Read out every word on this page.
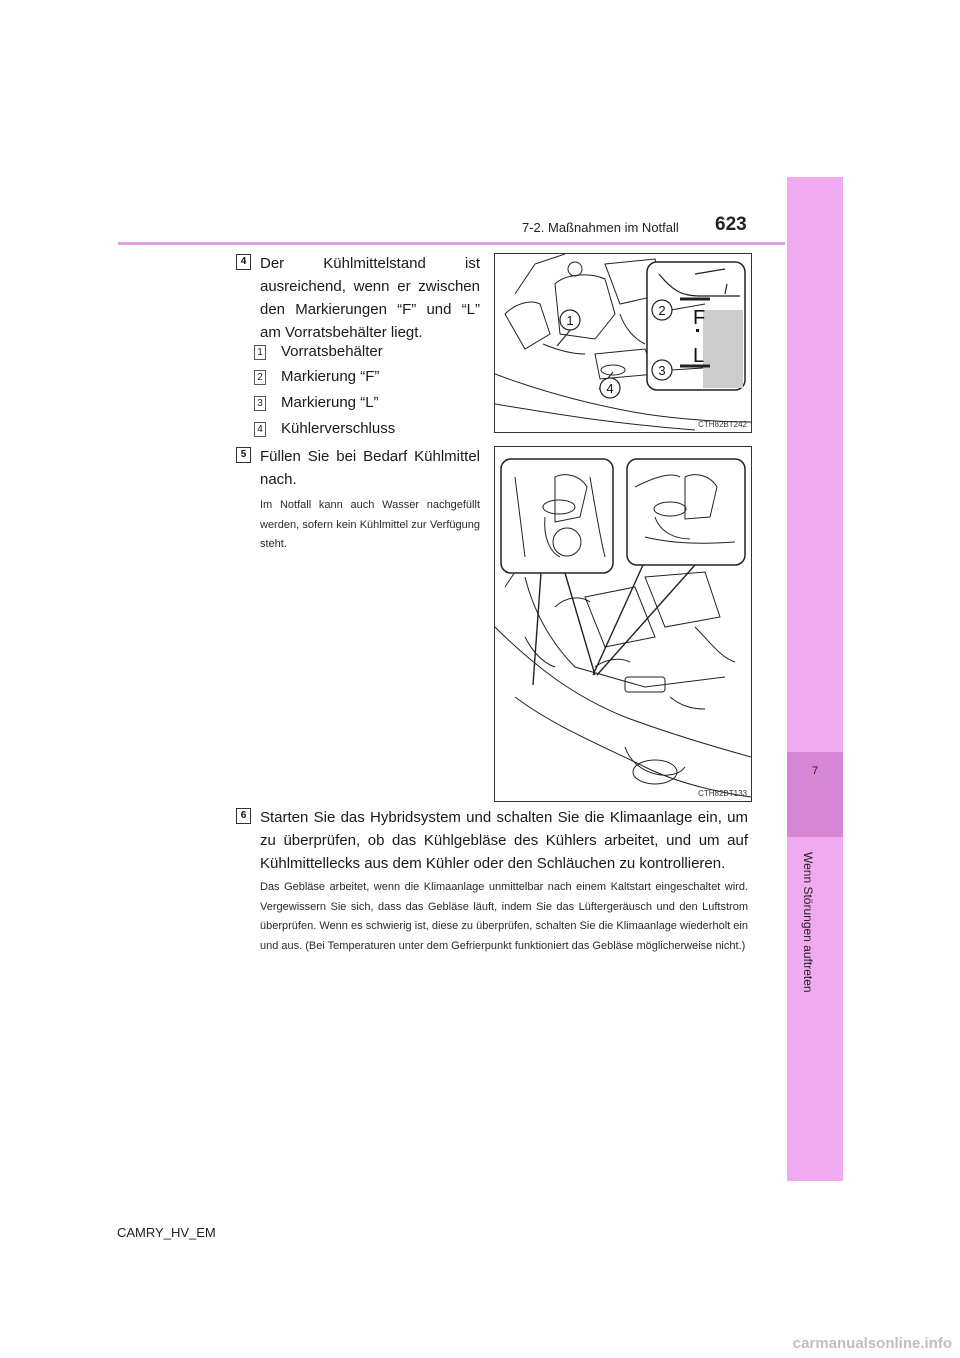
7-2. Maßnahmen im Notfall 623
7
Wenn Störungen auftreten
4 Der Kühlmittelstand ist ausreichend, wenn er zwischen den Markierungen “F” und “L” am Vorratsbehälter liegt.
1 Vorratsbehälter
2 Markierung “F”
3 Markierung “L”
4 Kühlerverschluss
1
2
3
4
F
L
CTH82BT242
5 Füllen Sie bei Bedarf Kühlmittel nach.
Im Notfall kann auch Wasser nachgefüllt werden, sofern kein Kühlmittel zur Verfügung steht.
CTH82BT133
6 Starten Sie das Hybridsystem und schalten Sie die Klimaanlage ein, um zu überprüfen, ob das Kühlgebläse des Kühlers arbeitet, und um auf Kühlmittellecks aus dem Kühler oder den Schläuchen zu kontrollieren.
Das Gebläse arbeitet, wenn die Klimaanlage unmittelbar nach einem Kaltstart eingeschaltet wird. Vergewissern Sie sich, dass das Gebläse läuft, indem Sie das Lüftergeräusch und den Luftstrom überprüfen. Wenn es schwierig ist, diese zu überprüfen, schalten Sie die Klimaanlage wiederholt ein und aus. (Bei Temperaturen unter dem Gefrierpunkt funktioniert das Gebläse möglicherweise nicht.)
CAMRY_HV_EM
carmanualsonline.info
